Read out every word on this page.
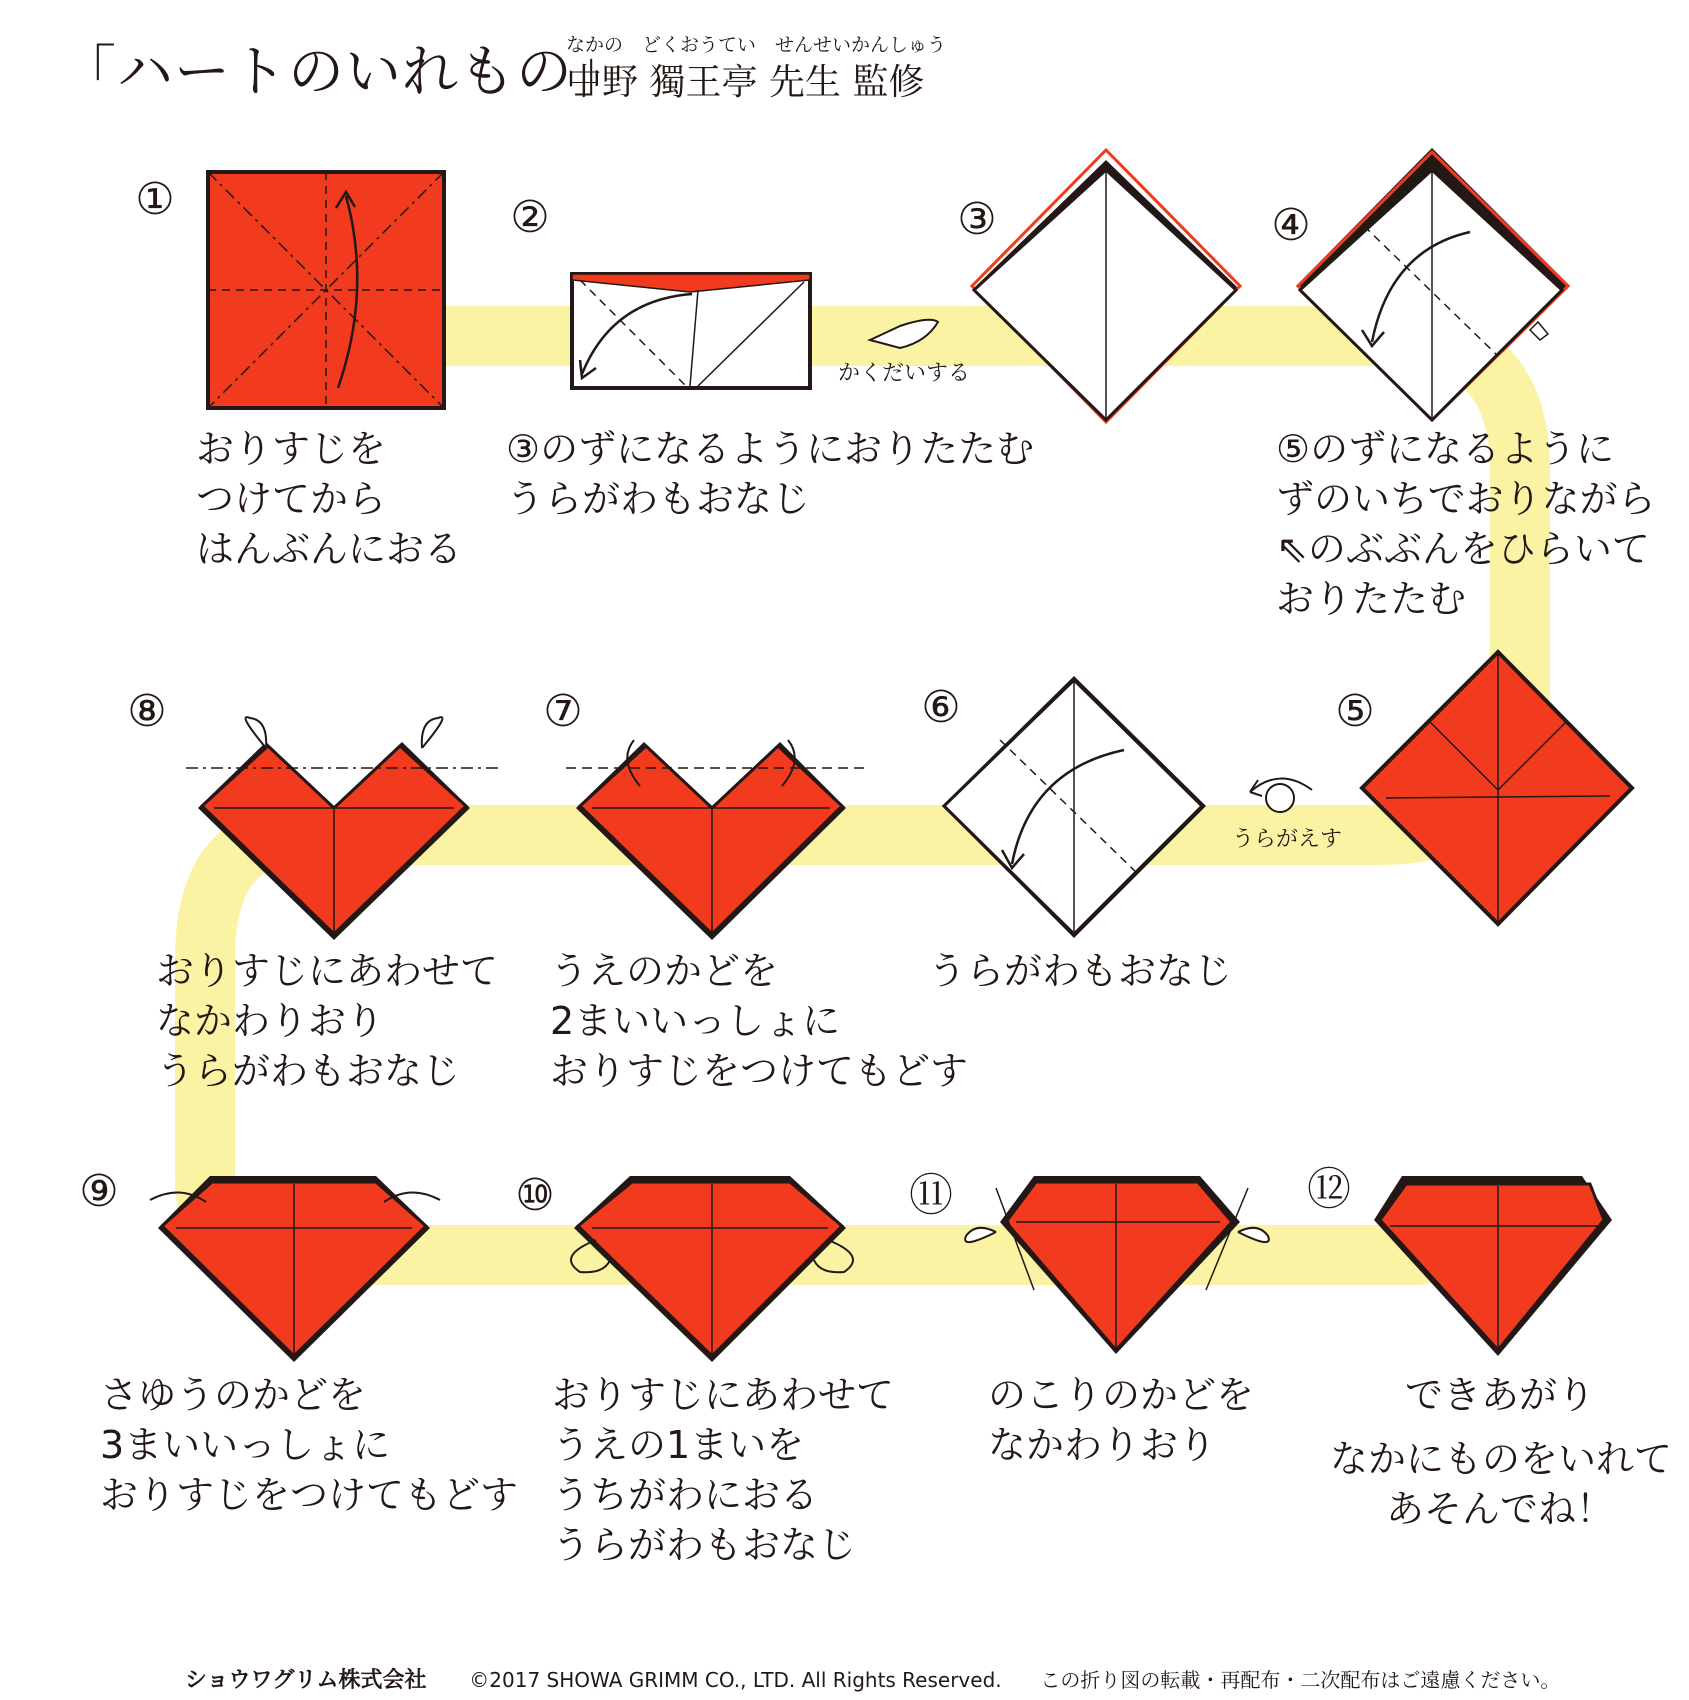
「ハートのいれもの」
なかの　どくおうてい　せんせいかんしゅう
中野 獨王亭 先生 監修
かくだいする
うらがえす
①	②	③	④
⑤
⑥
⑦
⑧
⑨	⑩	⑪	⑫
おりすじを
つけてから
はんぶんにおる
③のずになるようにおりたたむ
うらがわもおなじ
⑤のずになるように
ずのいちでおりながら
⇖のぶぶんをひらいて
おりたたむ
うらがわもおなじ
うえのかどを
2まいいっしょに
おりすじをつけてもどす
おりすじにあわせて
なかわりおり
うらがわもおなじ
さゆうのかどを
3まいいっしょに
おりすじをつけてもどす
おりすじにあわせて
うえの1まいを
うちがわにおる
うらがわもおなじ
のこりのかどを
なかわりおり
できあがり
なかにものをいれて
あそんでね！
ショウワグリム株式会社 ©2017 SHOWA GRIMM CO., LTD. All Rights Reserved. この折り図の転載・再配布・二次配布はご遠慮ください。
